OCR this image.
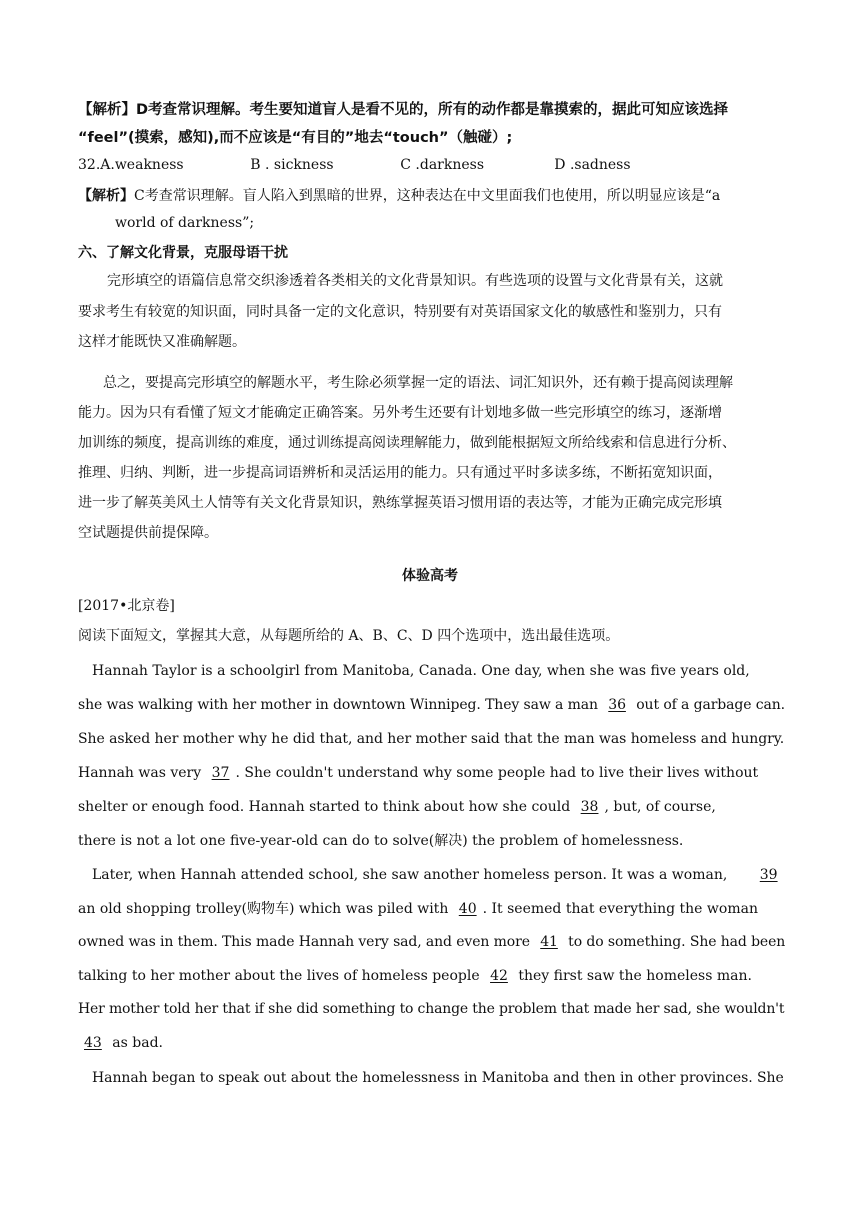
【解析】D考查常识理解。考生要知道盲人是看不见的，所有的动作都是靠摸索的，据此可知应该选择
“feel”(摸索，感知),而不应该是“有目的”地去“touch”（触碰）;
32.A.weakness	B . sickness	C .darkness	D .sadness
【解析】C考查常识理解。盲人陷入到黑暗的世界，这种表达在中文里面我们也使用，所以明显应该是“a
world of darkness”;
六、了解文化背景，克服母语干扰
完形填空的语篇信息常交织渗透着各类相关的文化背景知识。有些选项的设置与文化背景有关，这就
要求考生有较宽的知识面，同时具备一定的文化意识，特别要有对英语国家文化的敏感性和鉴别力，只有
这样才能既快又准确解题。
总之，要提高完形填空的解题水平，考生除必须掌握一定的语法、词汇知识外，还有赖于提高阅读理解
能力。因为只有看懂了短文才能确定正确答案。另外考生还要有计划地多做一些完形填空的练习，逐渐增
加训练的频度，提高训练的难度，通过训练提高阅读理解能力，做到能根据短文所给线索和信息进行分析、
推理、归纳、判断，进一步提高词语辨析和灵活运用的能力。只有通过平时多读多练，不断拓宽知识面，
进一步了解英美风土人情等有关文化背景知识，熟练掌握英语习惯用语的表达等，才能为正确完成完形填
空试题提供前提保障。
体验高考
[2017•北京卷]
阅读下面短文，掌握其大意，从每题所给的 A、B、C、D 四个选项中，选出最佳选项。
Hannah Taylor is a schoolgirl from Manitoba, Canada. One day, when she was five years old,
she was walking with her mother in downtown Winnipeg. They saw a man 36 out of a garbage can.
She asked her mother why he did that, and her mother said that the man was homeless and hungry.
Hannah was very 37 . She couldn't understand why some people had to live their lives without
shelter or enough food. Hannah started to think about how she could 38 , but, of course,
there is not a lot one five-year-old can do to solve(解决) the problem of homelessness.
Later, when Hannah attended school, she saw another homeless person. It was a woman, 39
an old shopping trolley(购物车) which was piled with 40 . It seemed that everything the woman
owned was in them. This made Hannah very sad, and even more 41 to do something. She had been
talking to her mother about the lives of homeless people 42 they first saw the homeless man.
Her mother told her that if she did something to change the problem that made her sad, she wouldn't
43 as bad.
Hannah began to speak out about the homelessness in Manitoba and then in other provinces. She
